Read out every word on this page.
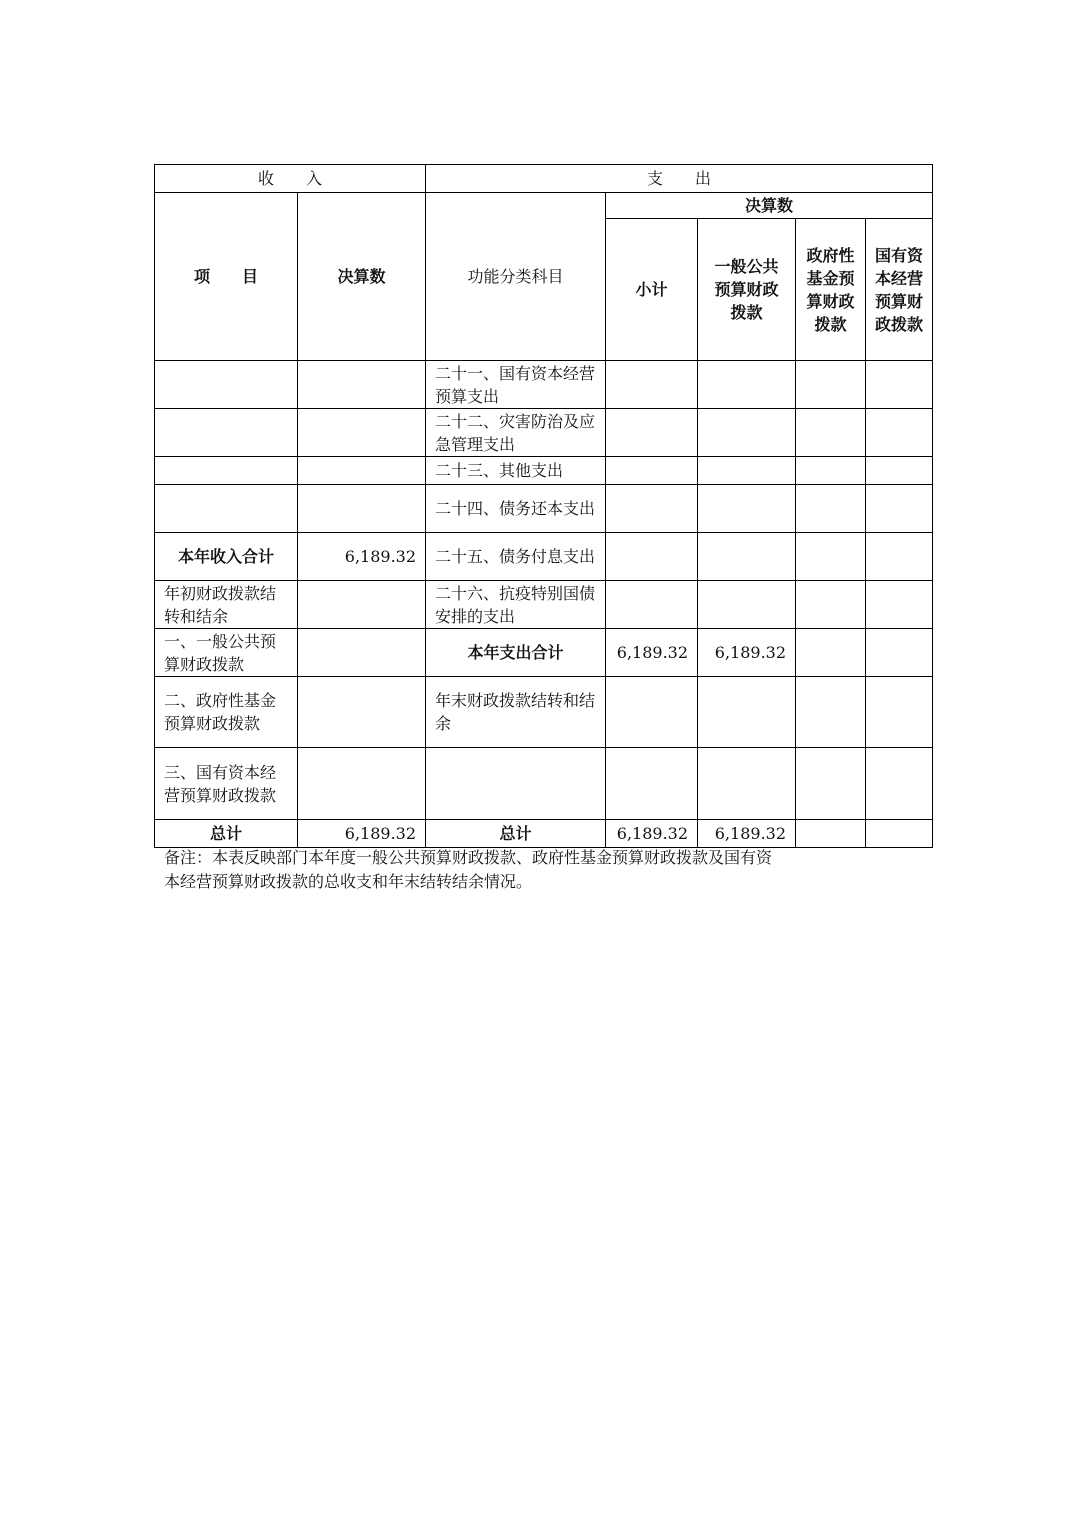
收　　入		支　　出				
项　　目	决算数	功能分类科目	决算数			
			小计	一般公共预算财政拨款	政府性基金预算财政拨款	国有资本经营预算财政拨款
		二十一、国有资本经营预算支出				
		二十二、灾害防治及应急管理支出				
		二十三、其他支出				
		二十四、债务还本支出				
本年收入合计	6,189.32	二十五、债务付息支出				
年初财政拨款结转和结余		二十六、抗疫特别国债安排的支出				
一、一般公共预算财政拨款		本年支出合计	6,189.32	6,189.32		
二、政府性基金预算财政拨款		年末财政拨款结转和结余				
三、国有资本经营预算财政拨款						
总计	6,189.32	总计	6,189.32	6,189.32		
备注：本表反映部门本年度一般公共预算财政拨款、政府性基金预算财政拨款及国有资
本经营预算财政拨款的总收支和年末结转结余情况。
